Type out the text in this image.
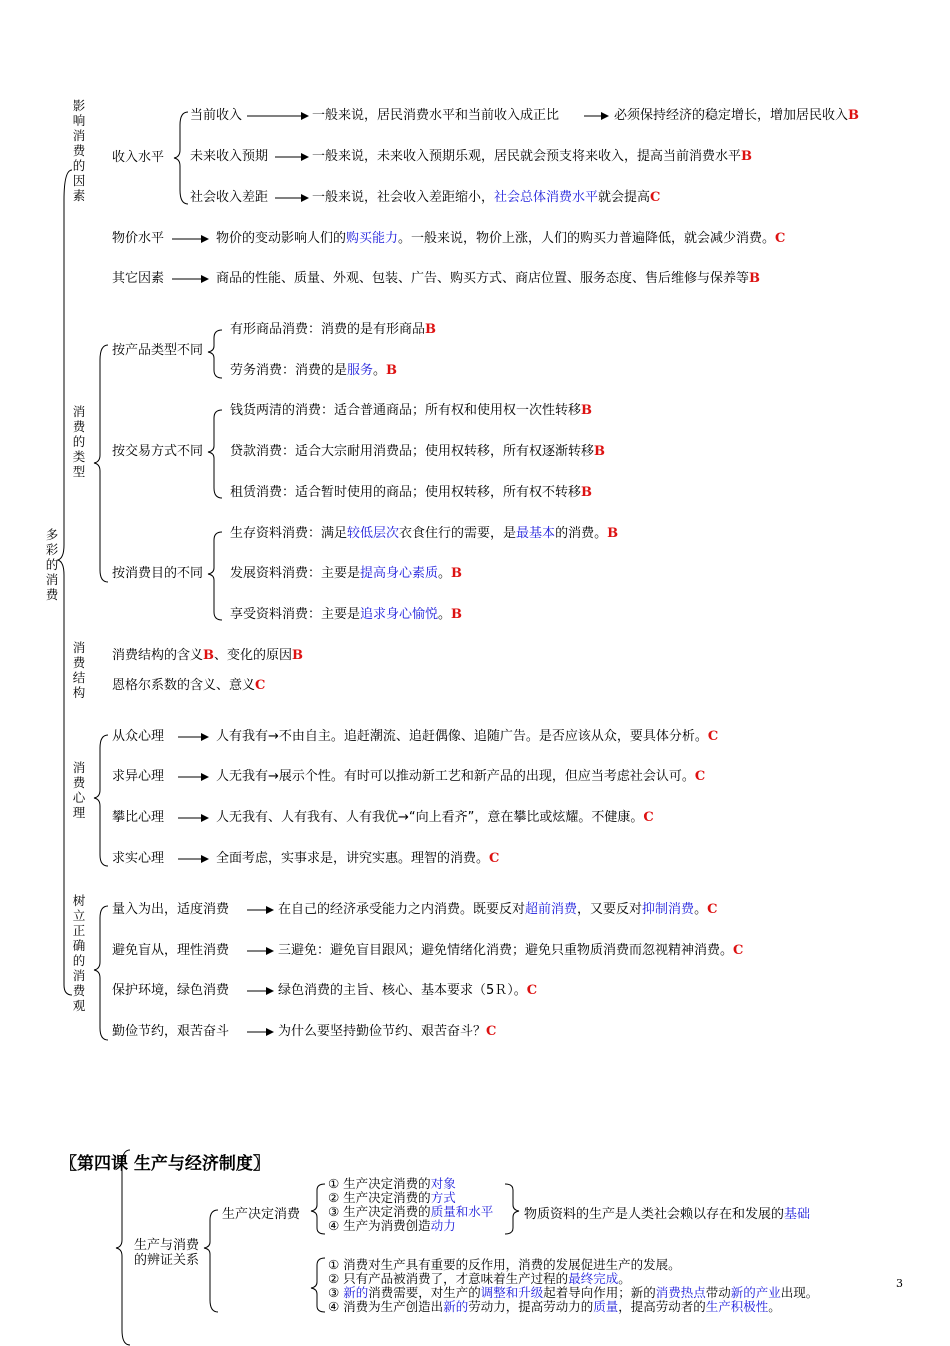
多彩的消费
影响消费的因素
消费的类型
消费结构
消费心理
树立正确的消费观
收入水平
当前收入	一般来说，居民消费水平和当前收入成正比	必须保持经济的稳定增长，增加居民收入B
未来收入预期	一般来说，未来收入预期乐观，居民就会预支将来收入，提高当前消费水平B
社会收入差距	一般来说，社会收入差距缩小，社会总体消费水平就会提高C
物价水平	物价的变动影响人们的购买能力。一般来说，物价上涨，人们的购买力普遍降低，就会减少消费。C
其它因素	商品的性能、质量、外观、包装、广告、购买方式、商店位置、服务态度、售后维修与保养等B
按产品类型不同
有形商品消费：消费的是有形商品B
劳务消费：消费的是服务。B
按交易方式不同
钱货两清的消费：适合普通商品；所有权和使用权一次性转移B
贷款消费：适合大宗耐用消费品；使用权转移，所有权逐渐转移B
租赁消费：适合暂时使用的商品；使用权转移，所有权不转移B
按消费目的不同
生存资料消费：满足较低层次衣食住行的需要，是最基本的消费。B
发展资料消费：主要是提高身心素质。B
享受资料消费：主要是追求身心愉悦。B
消费结构的含义B、变化的原因B
恩格尔系数的含义、意义C
从众心理	人有我有→不由自主。追赶潮流、追赶偶像、追随广告。是否应该从众，要具体分析。C
求异心理	人无我有→展示个性。有时可以推动新工艺和新产品的出现，但应当考虑社会认可。C
攀比心理	人无我有、人有我有、人有我优→“向上看齐”，意在攀比或炫耀。不健康。C
求实心理	全面考虑，实事求是，讲究实惠。理智的消费。C
量入为出，适度消费	在自己的经济承受能力之内消费。既要反对超前消费，又要反对抑制消费。C
避免盲从，理性消费	三避免：避免盲目跟风；避免情绪化消费；避免只重物质消费而忽视精神消费。C
保护环境，绿色消费	绿色消费的主旨、核心、基本要求（5Ｒ）。C
勤俭节约，艰苦奋斗	为什么要坚持勤俭节约、艰苦奋斗？C
〖第四课 生产与经济制度〗
生产与消费
的辨证关系
生产决定消费
① 生产决定消费的对象
② 生产决定消费的方式
③ 生产决定消费的质量和水平
④ 生产为消费创造动力
物质资料的生产是人类社会赖以存在和发展的基础
① 消费对生产具有重要的反作用，消费的发展促进生产的发展。
② 只有产品被消费了，才意味着生产过程的最终完成。
③ 新的消费需要，对生产的调整和升级起着导向作用；新的消费热点带动新的产业出现。
④ 消费为生产创造出新的劳动力，提高劳动力的质量，提高劳动者的生产积极性。
3
